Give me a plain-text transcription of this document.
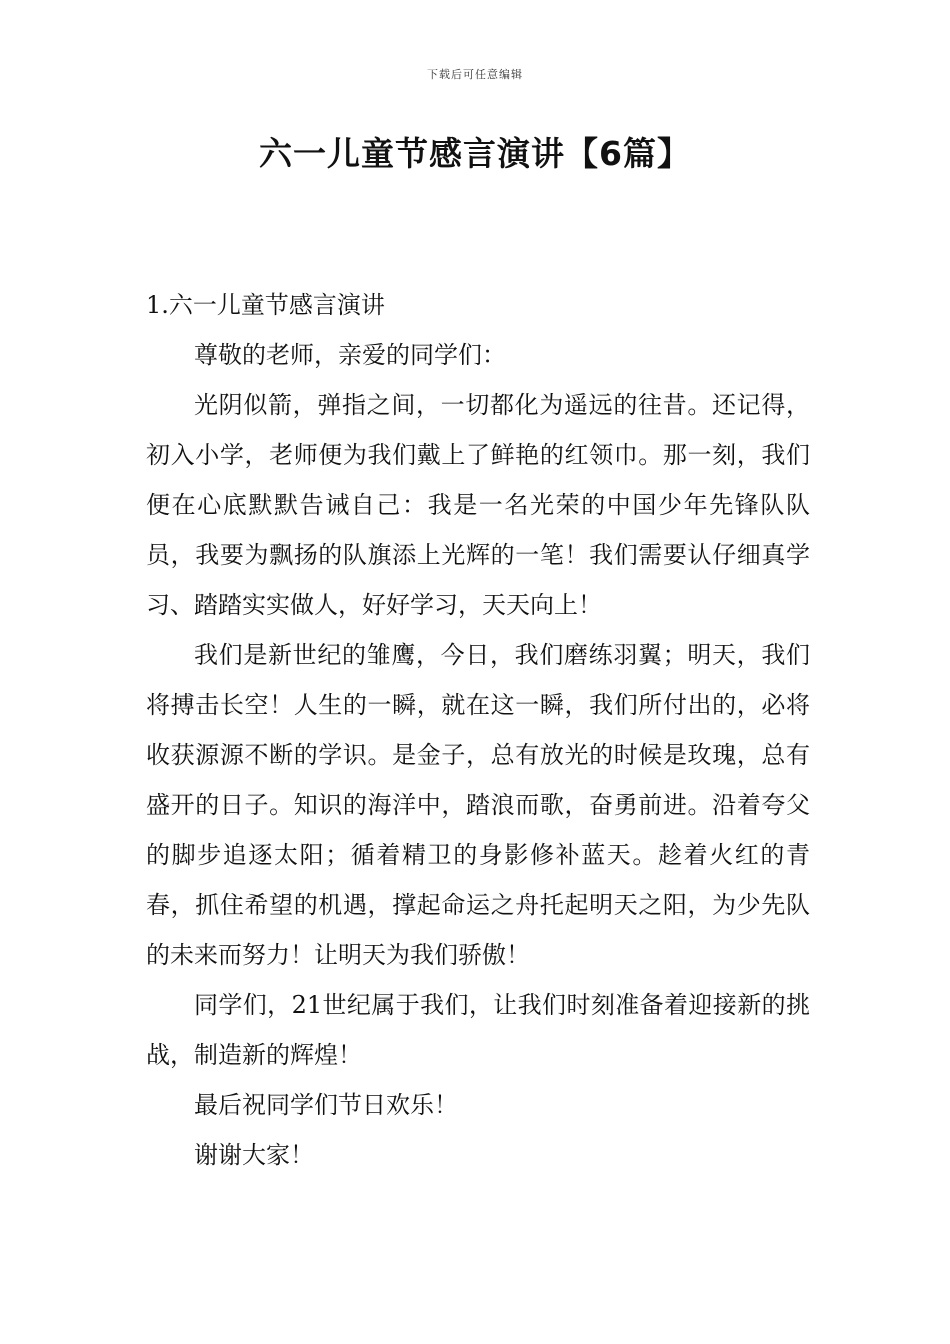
下载后可任意编辑
六一儿童节感言演讲【6篇】

1.六一儿童节感言演讲

尊敬的老师，亲爱的同学们：

光阴似箭，弹指之间，一切都化为遥远的往昔。还记得，初入小学，老师便为我们戴上了鲜艳的红领巾。那一刻，我们便在心底默默告诫自己：我是一名光荣的中国少年先锋队队员，我要为飘扬的队旗添上光辉的一笔！我们需要认仔细真学习、踏踏实实做人，好好学习，天天向上！

我们是新世纪的雏鹰，今日，我们磨练羽翼；明天，我们将搏击长空！人生的一瞬，就在这一瞬，我们所付出的，必将收获源源不断的学识。是金子，总有放光的时候是玫瑰，总有盛开的日子。知识的海洋中，踏浪而歌，奋勇前进。沿着夸父的脚步追逐太阳；循着精卫的身影修补蓝天。趁着火红的青春，抓住希望的机遇，撑起命运之舟托起明天之阳，为少先队的未来而努力！让明天为我们骄傲！

同学们，21世纪属于我们，让我们时刻准备着迎接新的挑战，制造新的辉煌！

最后祝同学们节日欢乐！

谢谢大家！
